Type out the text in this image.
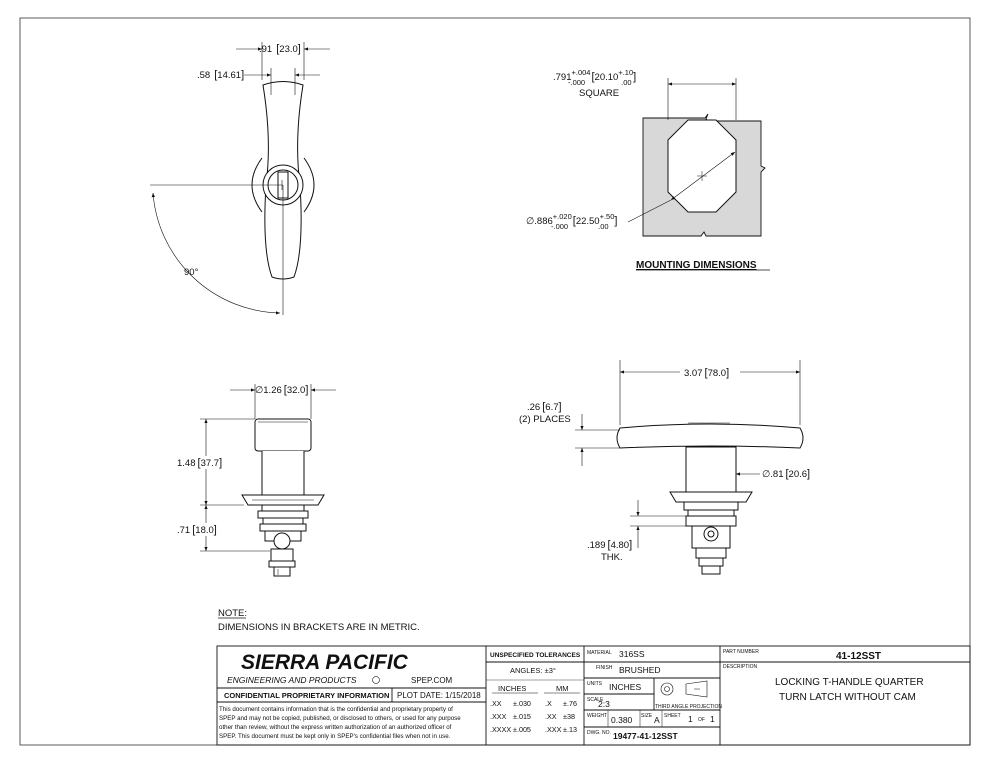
.91 [23.0]
.58 [14.61]
90°
$.791^{+.004}[20.10^{+.10}]$
-.000	.00
SQUARE
$\emptyset.886^{+.020}[22.50^{+.50}]$
-.000	.00
MOUNTING DIMENSIONS
∅1.26 [32.0]
1.48 [37.7]
.71 [18.0]
3.07 [78.0]
.26 [6.7]
(2) PLACES
∅.81 [20.6]
.189 [4.80]
THK.
NOTE:
DIMENSIONS IN BRACKETS ARE IN METRIC.
SIERRA PACIFIC
ENGINEERING AND PRODUCTS	SPEP.COM
CONFIDENTIAL PROPRIETARY INFORMATION PLOT DATE: 1/15/2018
This document contains information that is the confidential and proprietary property of
SPEP and may not be copied, published, or disclosed to others, or used for any purpose
other than review, without the express written authorization of an authorized officer of
SPEP. This document must be kept only in SPEP's confidential files when not in use.
UNSPECIFIED TOLERANCES
ANGLES: ±3°
INCHES	MM
.XX ±.030 .X ±.76
.XXX ±.015 .XX ±38
.XXXX ±.005 .XXX ±.13
MATERIAL 316SS
FINISH BRUSHED
UNITS INCHES
SCALE
2:3	THIRD ANGLE PROJECTION
WEIGHT 0.380 SIZE A SHEET 1 OF 1
DWG. NO. 19477-41-12SST
PART NUMBER	41-12SST
DESCRIPTION
LOCKING T-HANDLE QUARTER
TURN LATCH WITHOUT CAM
